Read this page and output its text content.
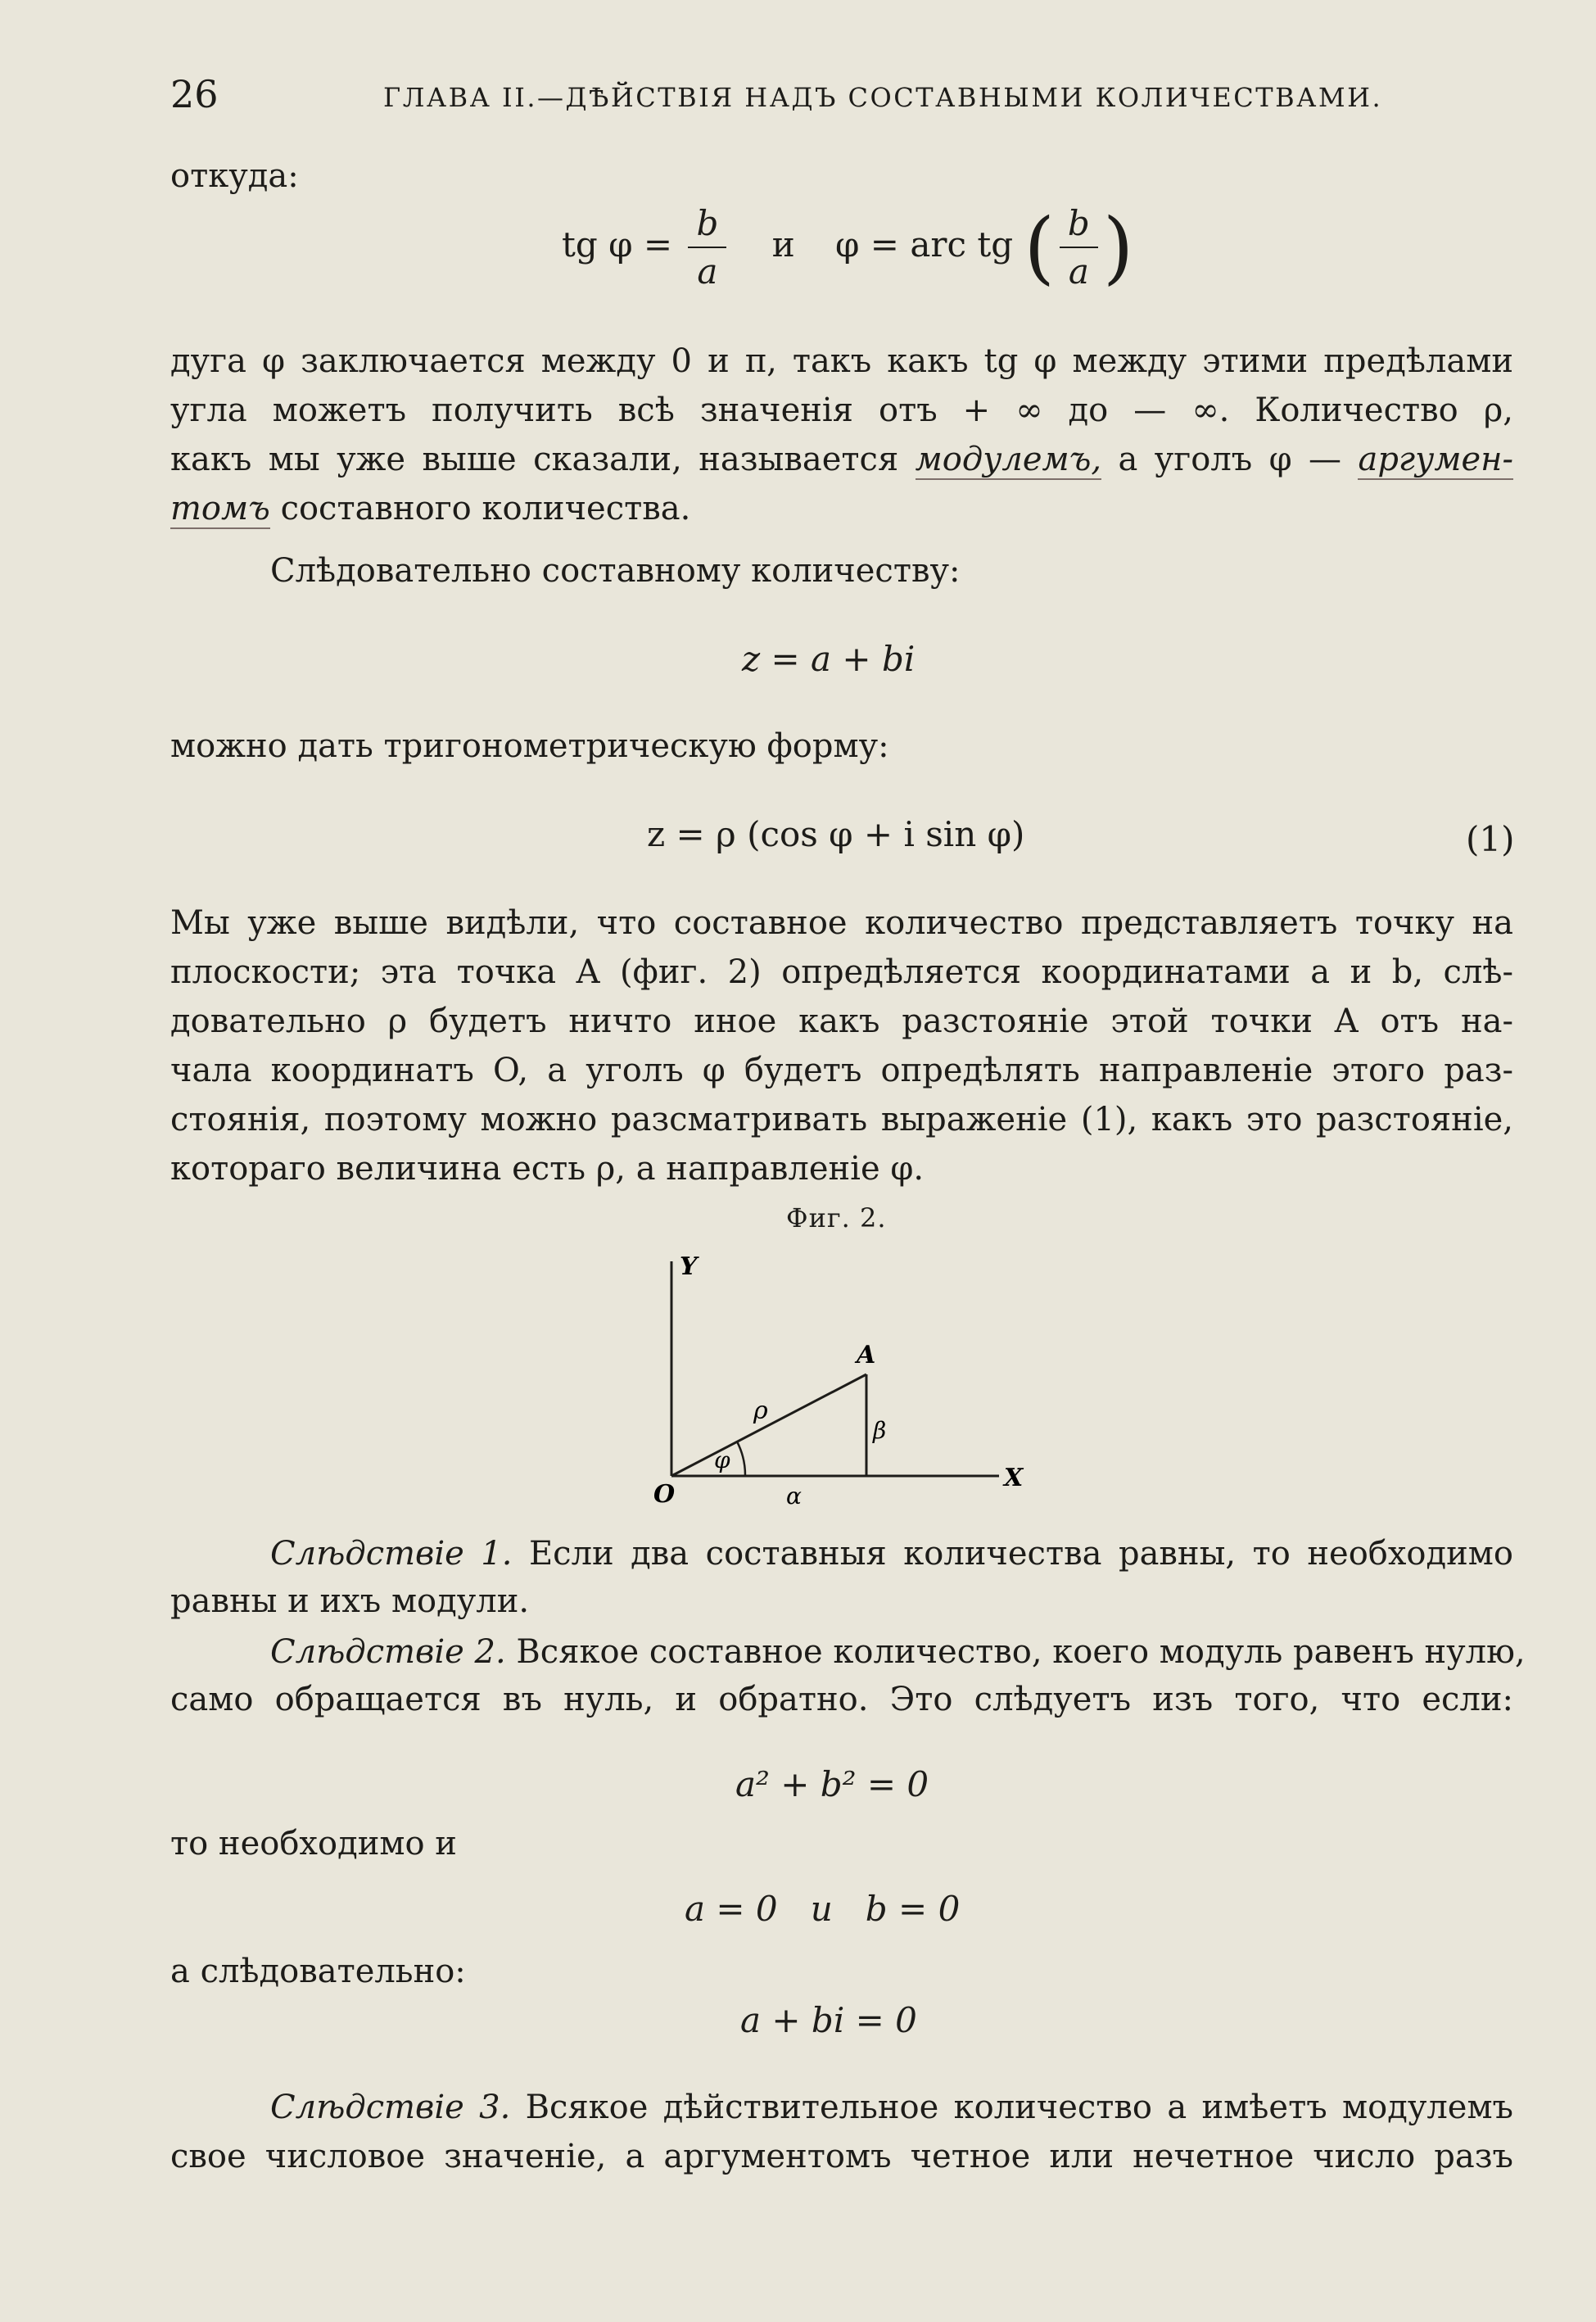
26	ГЛАВА II.—ДѢЙСТВІЯ НАДЪ СОСТАВНЫМИ КОЛИЧЕСТВАМИ.
откуда:
tg $\varphi = \frac{b}{a}$ и φ = arc tg ( $\frac{b}{a}$ )
дуга φ заключается между 0 и π, такъ какъ tg φ между этими предѣлами
угла можетъ получить всѣ значенія отъ + ∞ до — ∞. Количество ρ,
какъ мы уже выше сказали, называется модулемъ, а уголъ φ — аргумен-
томъ составного количества.
Слѣдовательно составному количеству:
z = a + bi
можно дать тригонометрическую форму:
z = ρ (cos φ + i sin φ)	(1)
Мы уже выше видѣли, что составное количество представляетъ точку на
плоскости; эта точка A (фиг. 2) опредѣляется координатами a и b, слѣ-
довательно ρ будетъ ничто иное какъ разстояніе этой точки A отъ на-
чала координатъ O, а уголъ φ будетъ опредѣлять направленіе этого раз-
стоянія, поэтому можно разсматривать выраженіе (1), какъ это разстояніе,
котораго величина есть ρ, а направленіе φ.
Фиг. 2.
Y
X
O
A
ρ
φ
α
β
Слѣдствіе 1. Если два составныя количества равны, то необходимо
равны и ихъ модули.
Слѣдствіе 2. Всякое составное количество, коего модуль равенъ нулю,
само обращается въ нуль, и обратно. Это слѣдуетъ изъ того, что если:
a² + b² = 0
то необходимо и
a = 0   и   b = 0
а слѣдовательно:
a + bi = 0
Слѣдствіе 3. Всякое дѣйствительное количество a имѣетъ модулемъ
свое числовое значеніе, а аргументомъ четное или нечетное число разъ
